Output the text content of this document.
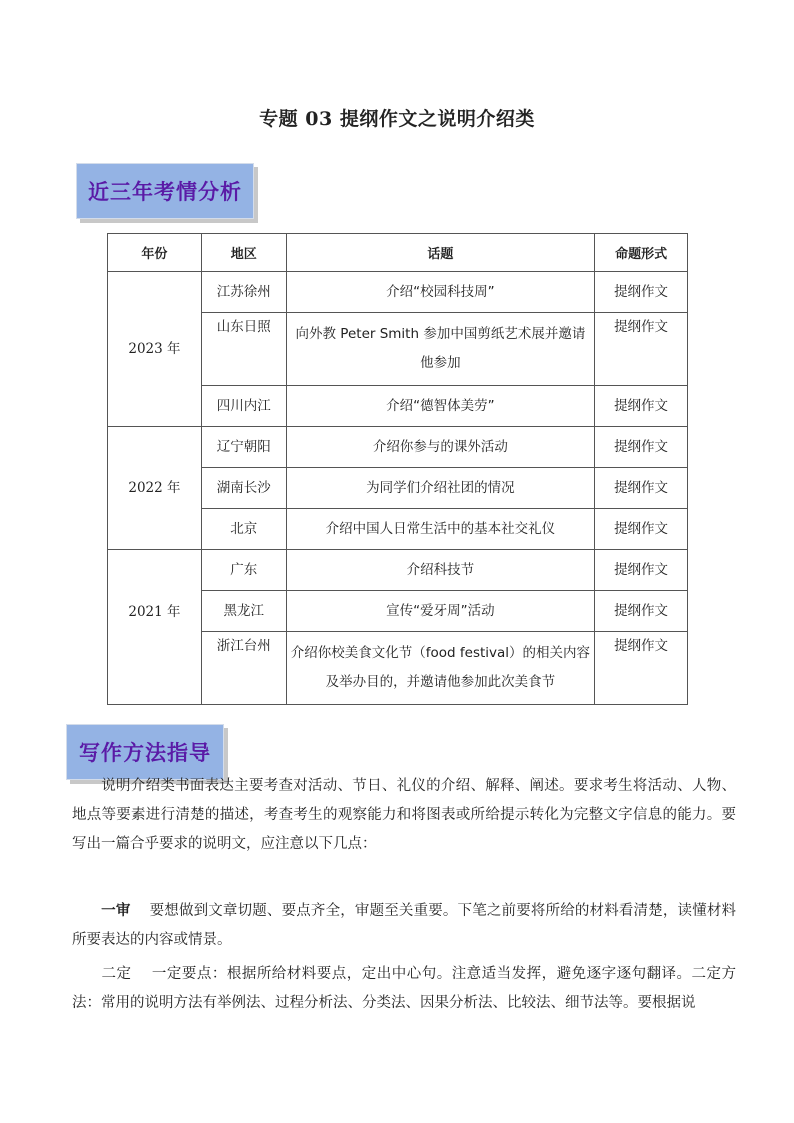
专题 03 提纲作文之说明介绍类
近三年考情分析
年份	地区	话题	命题形式
2023 年	江苏徐州	介绍“校园科技周”	提纲作文
	山东日照	向外教 Peter Smith 参加中国剪纸艺术展并邀请他参加	提纲作文
	四川内江	介绍“德智体美劳”	提纲作文
2022 年	辽宁朝阳	介绍你参与的课外活动	提纲作文
	湖南长沙	为同学们介绍社团的情况	提纲作文
	北京	介绍中国人日常生活中的基本社交礼仪	提纲作文
2021 年	广东	介绍科技节	提纲作文
	黑龙江	宣传“爱牙周”活动	提纲作文
	浙江台州	介绍你校美食文化节（food festival）的相关内容及举办目的，并邀请他参加此次美食节	提纲作文
写作方法指导
说明介绍类书面表达主要考查对活动、节日、礼仪的介绍、解释、阐述。要求考生将活动、人物、地点等要素进行清楚的描述，考查考生的观察能力和将图表或所给提示转化为完整文字信息的能力。要写出一篇合乎要求的说明文，应注意以下几点：
一审 要想做到文章切题、要点齐全，审题至关重要。下笔之前要将所给的材料看清楚，读懂材料所要表达的内容或情景。
二定 一定要点：根据所给材料要点，定出中心句。注意适当发挥，避免逐字逐句翻译。二定方法：常用的说明方法有举例法、过程分析法、分类法、因果分析法、比较法、细节法等。要根据说
